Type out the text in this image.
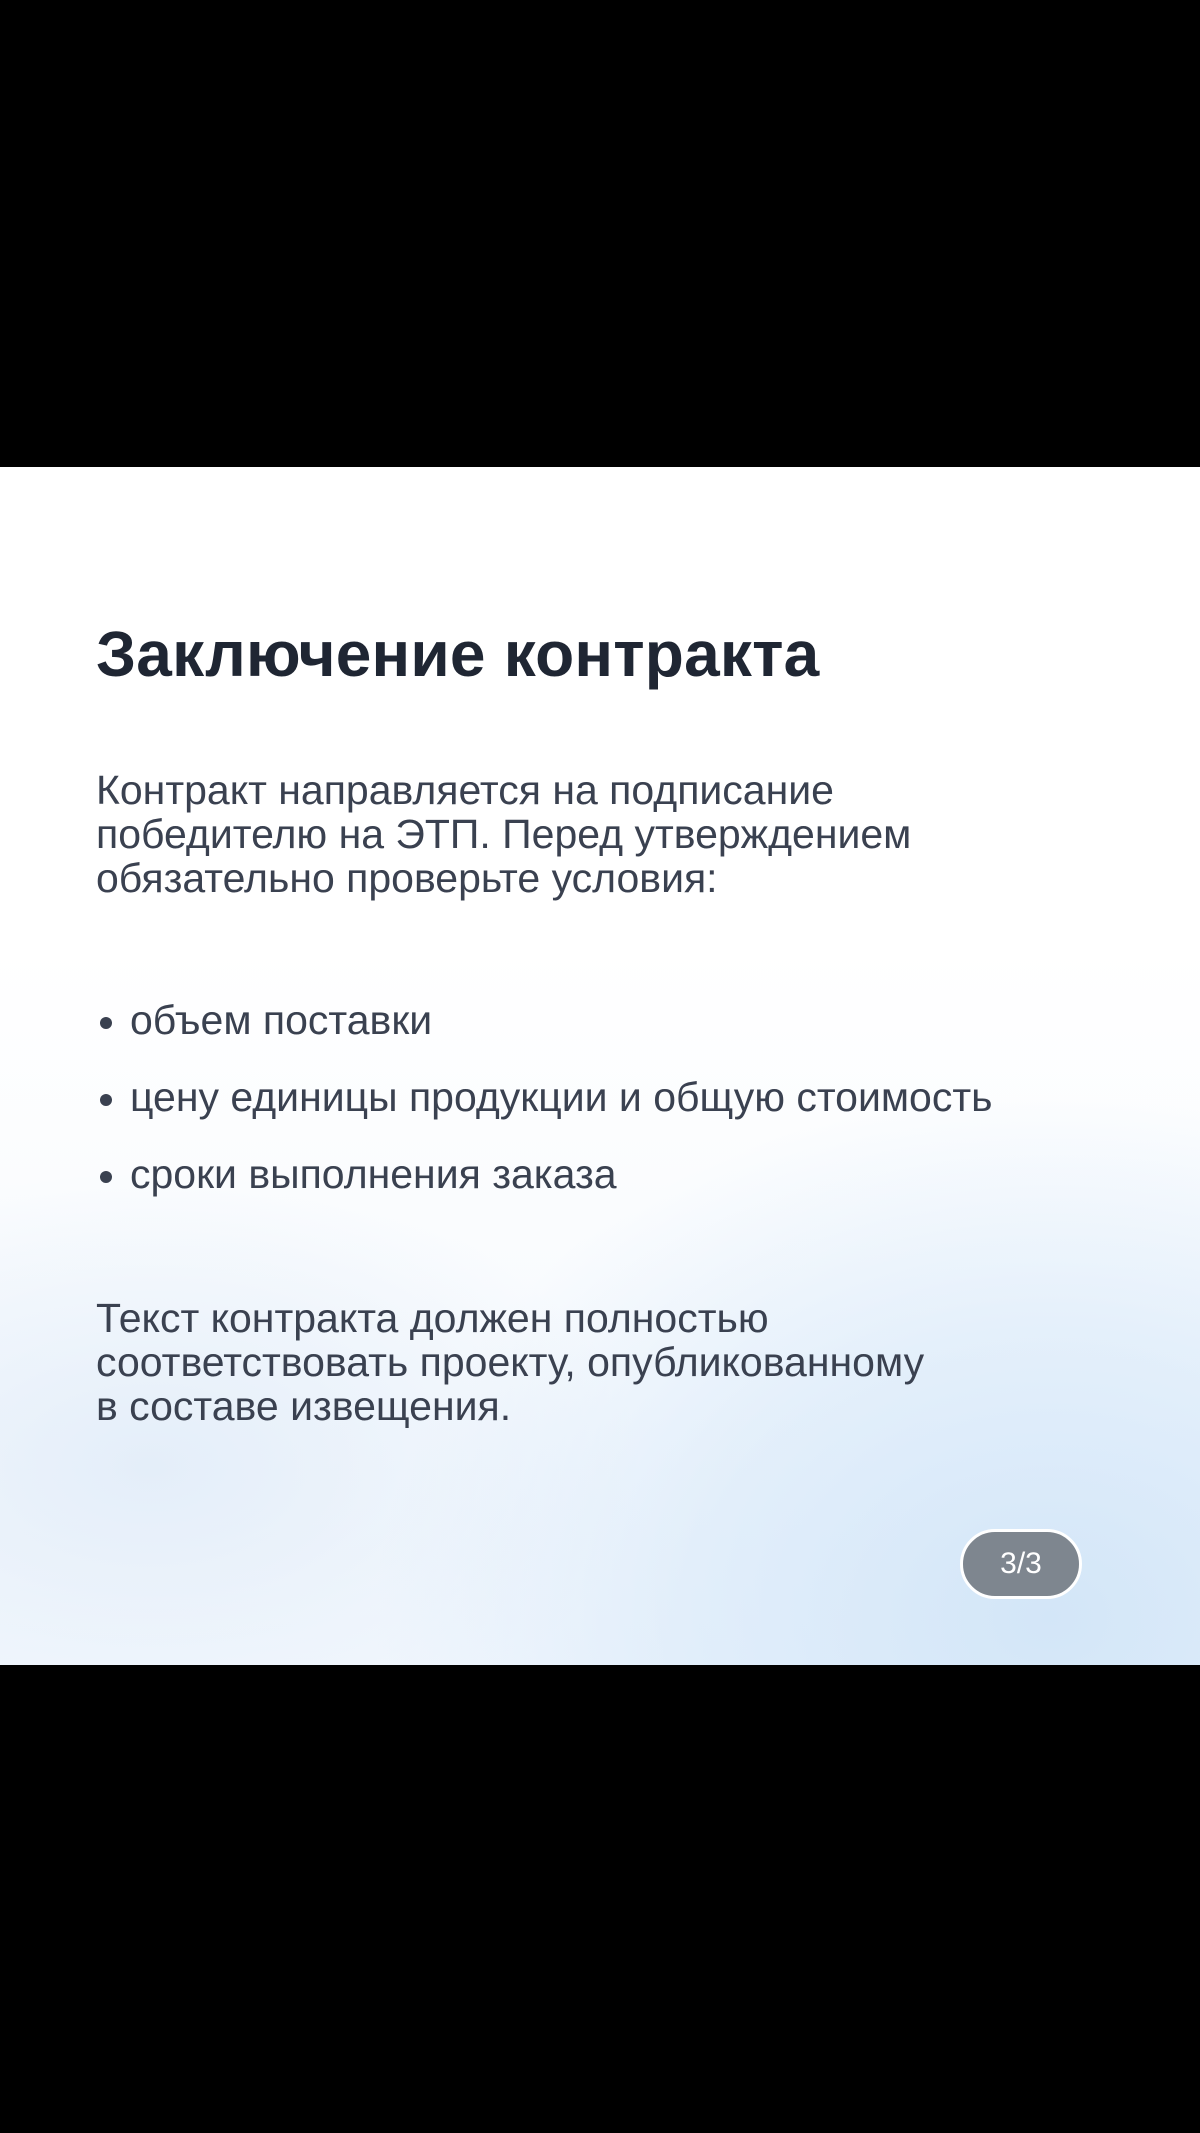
Заключение контракта

Контракт направляется на подписание
победителю на ЭТП. Перед утверждением
обязательно проверьте условия:

объем поставки
цену единицы продукции и общую стоимость
сроки выполнения заказа

Текст контракта должен полностью
соответствовать проекту, опубликованному
в составе извещения.

3/3
